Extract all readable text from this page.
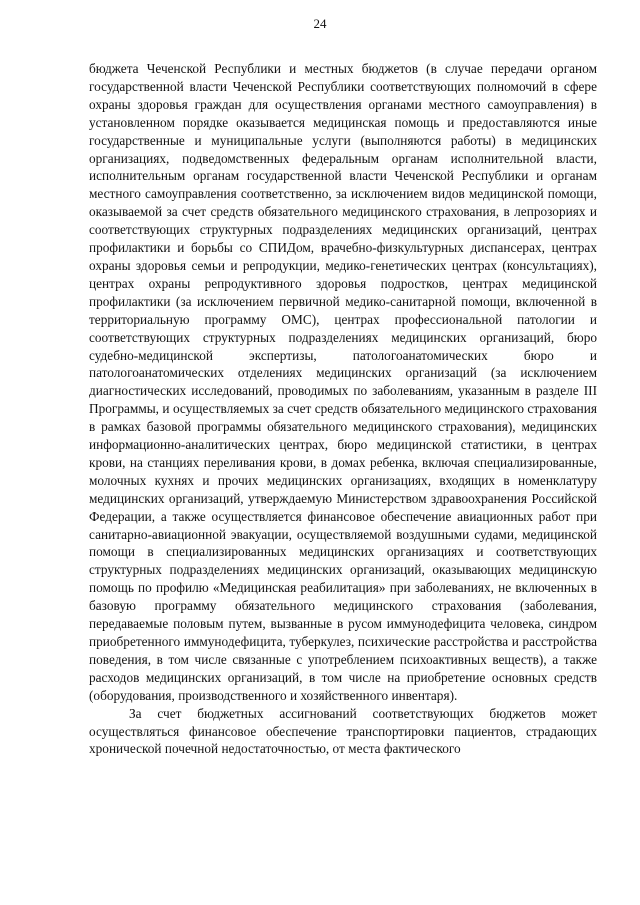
24

бюджета Чеченской Республики и местных бюджетов (в случае передачи органом государственной власти Чеченской Республики соответствующих полномочий в сфере охраны здоровья граждан для осуществления органами местного самоуправления) в установленном порядке оказывается медицинская помощь и предоставляются иные государственные и муниципальные услуги (выполняются работы) в медицинских организациях, подведомственных федеральным органам исполнительной власти, исполнительным органам государственной власти Чеченской Республики и органам местного самоуправления соответственно, за исключением видов медицинской помощи, оказываемой за счет средств обязательного медицинского страхования, в лепрозориях и соответствующих структурных подразделениях медицинских организаций, центрах профилактики и борьбы со СПИДом, врачебно-физкультурных диспансерах, центрах охраны здоровья семьи и репродукции, медико-генетических центрах (консультациях), центрах охраны репродуктивного здоровья подростков, центрах медицинской профилактики (за исключением первичной медико-санитарной помощи, включенной в территориальную программу ОМС), центрах профессиональной патологии и соответствующих структурных подразделениях медицинских организаций, бюро судебно-медицинской экспертизы, патологоанатомических бюро и патологоанатомических отделениях медицинских организаций (за исключением диагностических исследований, проводимых по заболеваниям, указанным в разделе III Программы, и осуществляемых за счет средств обязательного медицинского страхования в рамках базовой программы обязательного медицинского страхования), медицинских информационно-аналитических центрах, бюро медицинской статистики, в центрах крови, на станциях переливания крови, в домах ребенка, включая специализированные, молочных кухнях и прочих медицинских организациях, входящих в номенклатуру медицинских организаций, утверждаемую Министерством здравоохранения Российской Федерации, а также осуществляется финансовое обеспечение авиационных работ при санитарно-авиационной эвакуации, осуществляемой воздушными судами, медицинской помощи в специализированных медицинских организациях и соответствующих структурных подразделениях медицинских организаций, оказывающих медицинскую помощь по профилю «Медицинская реабилитация» при заболеваниях, не включенных в базовую программу обязательного медицинского страхования (заболевания, передаваемые половым путем, вызванные в русом иммунодефицита человека, синдром приобретенного иммунодефицита, туберкулез, психические расстройства и расстройства поведения, в том числе связанные с употреблением психоактивных веществ), а также расходов медицинских организаций, в том числе на приобретение основных средств (оборудования, производственного и хозяйственного инвентаря).

За счет бюджетных ассигнований соответствующих бюджетов может осуществляться финансовое обеспечение транспортировки пациентов, страдающих хронической почечной недостаточностью, от места фактического
